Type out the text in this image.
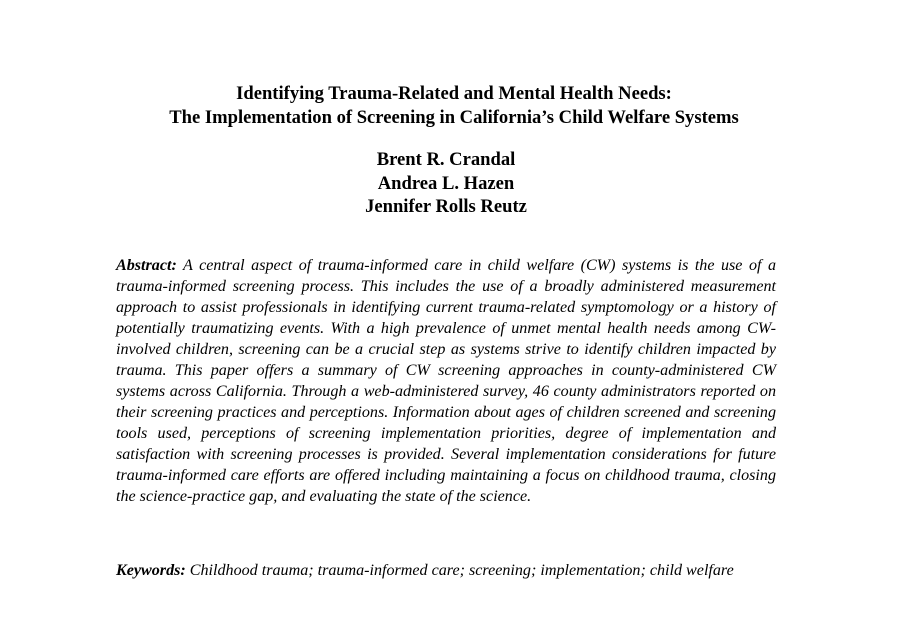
Identifying Trauma-Related and Mental Health Needs:
The Implementation of Screening in California’s Child Welfare Systems
Brent R. Crandal
Andrea L. Hazen
Jennifer Rolls Reutz
Abstract: A central aspect of trauma-informed care in child welfare (CW) systems is the use of a trauma-informed screening process. This includes the use of a broadly administered measurement approach to assist professionals in identifying current trauma-related symptomology or a history of potentially traumatizing events. With a high prevalence of unmet mental health needs among CW-involved children, screening can be a crucial step as systems strive to identify children impacted by trauma. This paper offers a summary of CW screening approaches in county-administered CW systems across California. Through a web-administered survey, 46 county administrators reported on their screening practices and perceptions. Information about ages of children screened and screening tools used, perceptions of screening implementation priorities, degree of implementation and satisfaction with screening processes is provided. Several implementation considerations for future trauma-informed care efforts are offered including maintaining a focus on childhood trauma, closing the science-practice gap, and evaluating the state of the science.
Keywords: Childhood trauma; trauma-informed care; screening; implementation; child welfare
